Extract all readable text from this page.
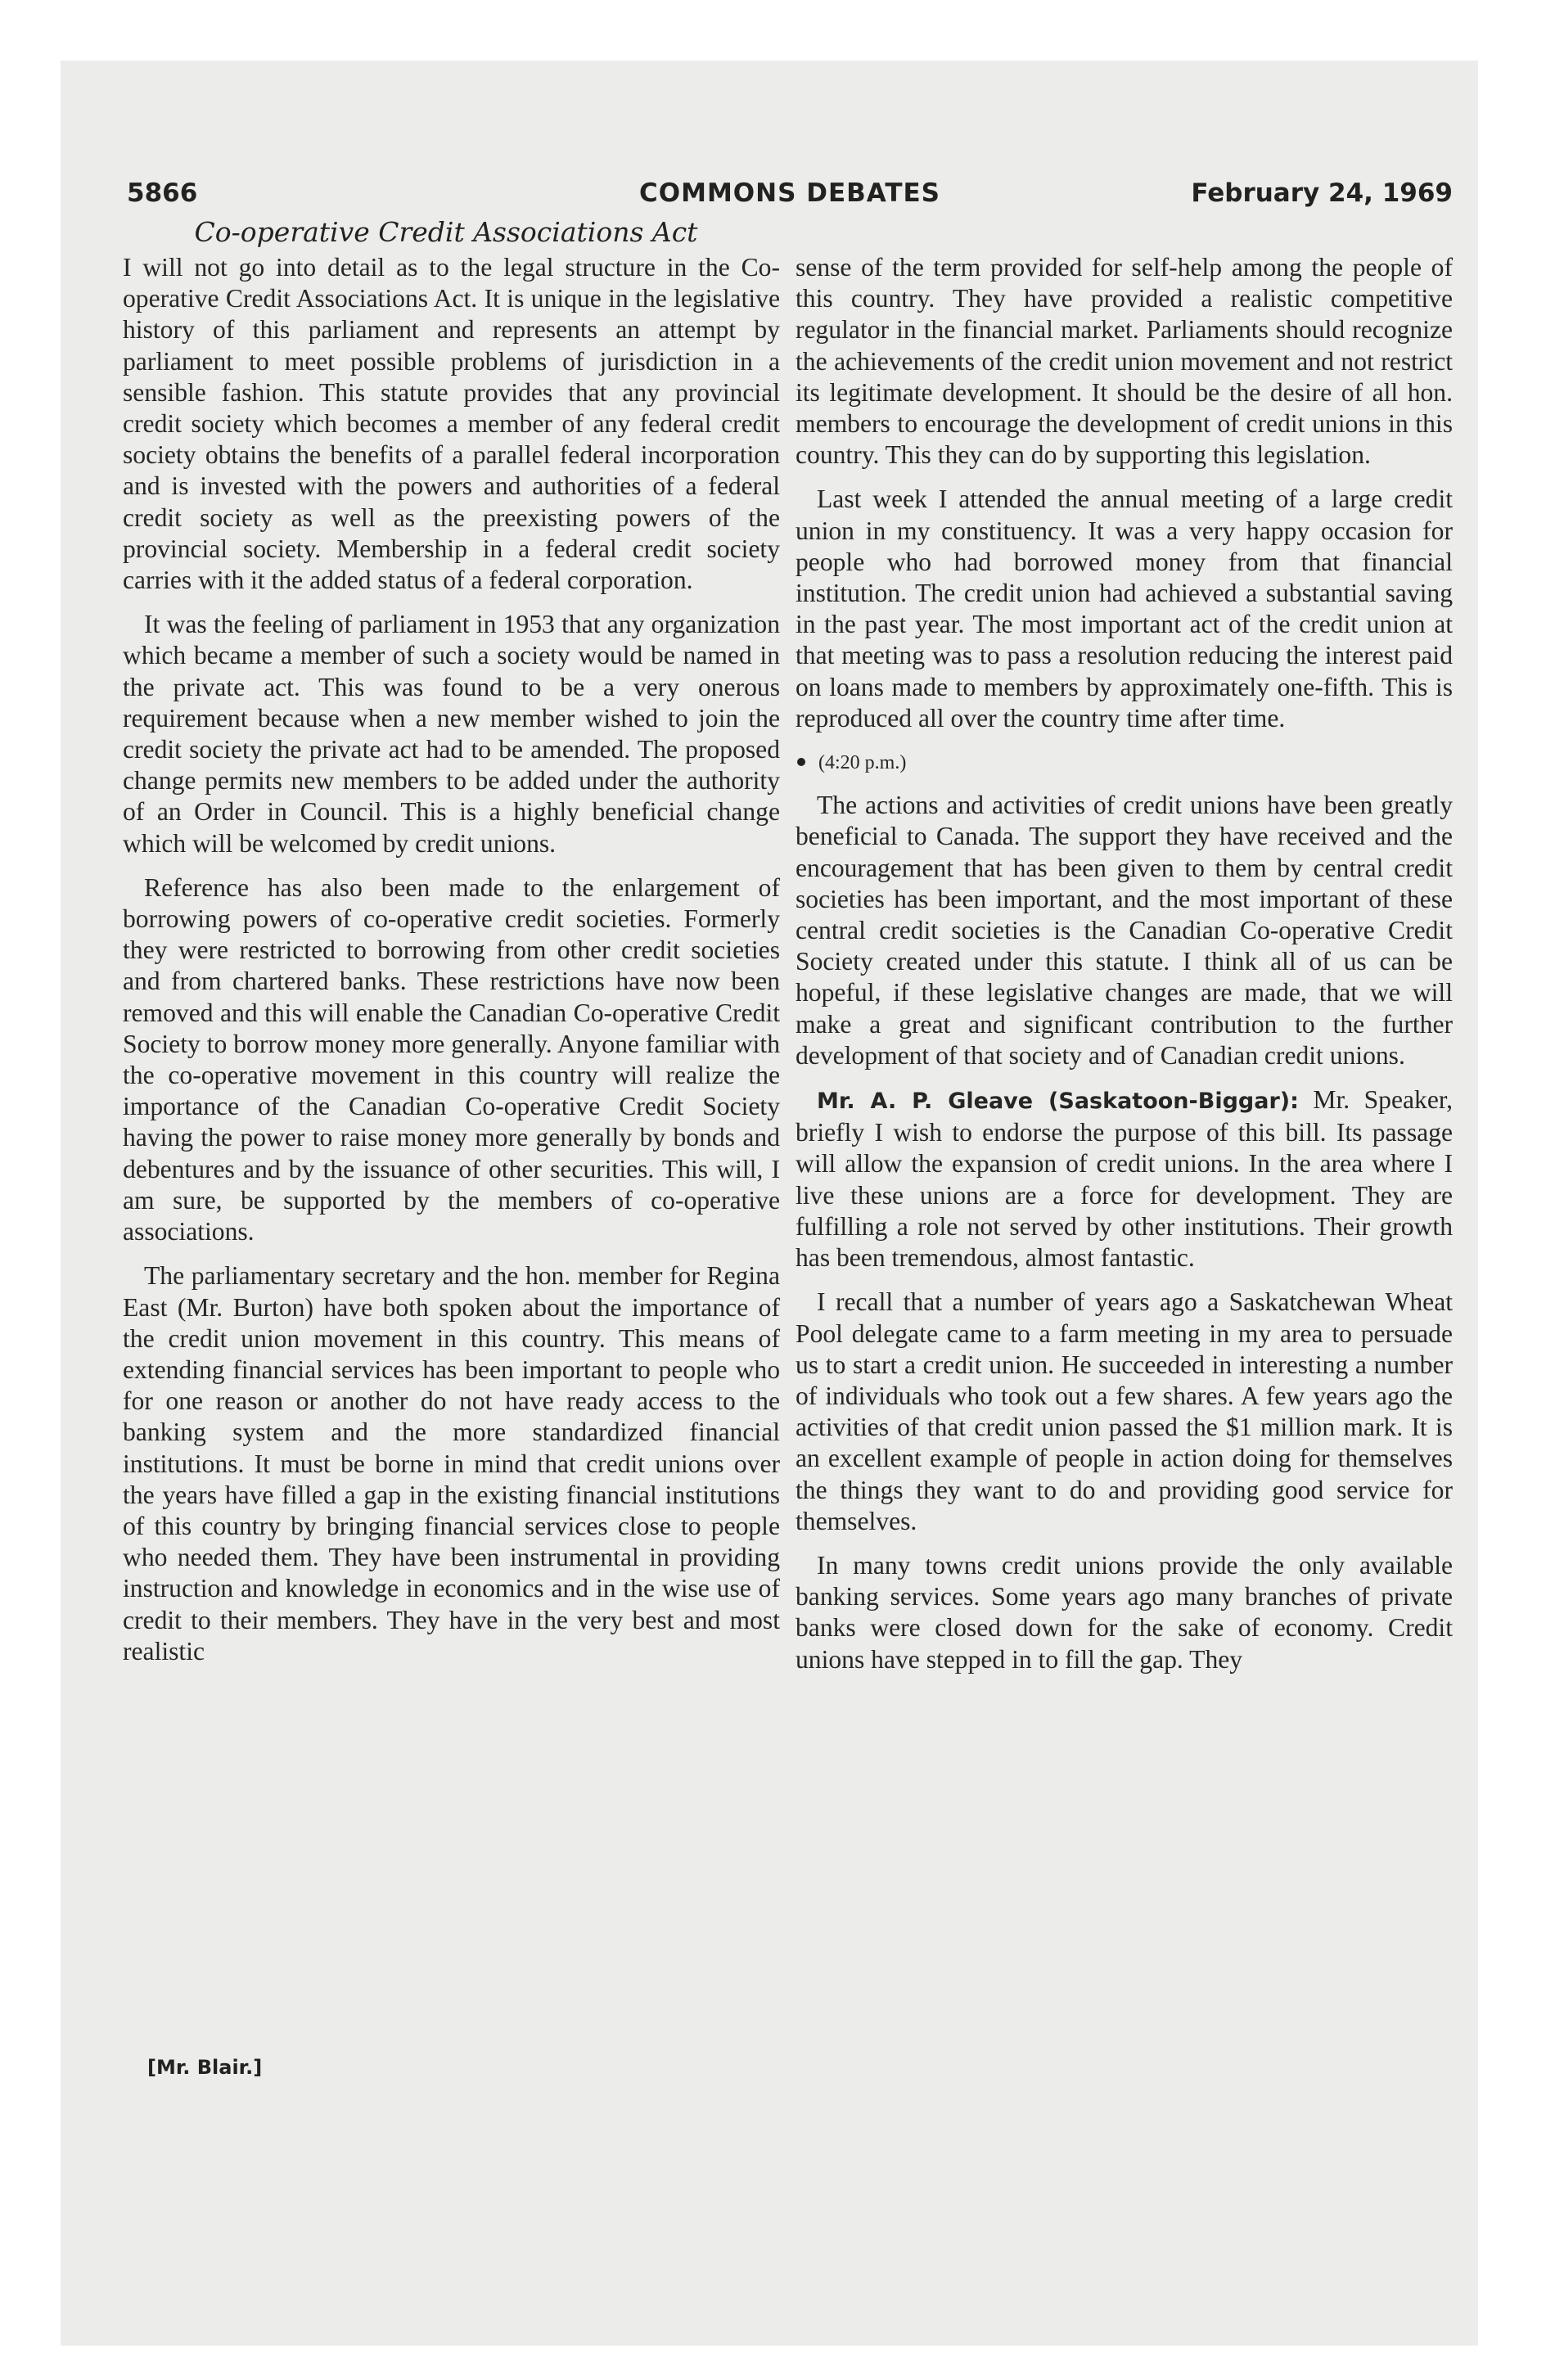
COMMONS DEBATES
5866	February 24, 1969
Co-operative Credit Associations Act

I will not go into detail as to the legal structure in the Co-operative Credit Associations Act. It is unique in the legislative history of this parliament and represents an attempt by parliament to meet possible problems of jurisdiction in a sensible fashion. This statute provides that any provincial credit society which becomes a member of any federal credit society obtains the benefits of a parallel federal incorporation and is invested with the powers and authorities of a federal credit society as well as the preexisting powers of the provincial society. Membership in a federal credit society carries with it the added status of a federal corporation.

It was the feeling of parliament in 1953 that any organization which became a member of such a society would be named in the private act. This was found to be a very onerous requirement because when a new member wished to join the credit society the private act had to be amended. The proposed change permits new members to be added under the authority of an Order in Council. This is a highly beneficial change which will be welcomed by credit unions.

Reference has also been made to the enlargement of borrowing powers of co-operative credit societies. Formerly they were restricted to borrowing from other credit societies and from chartered banks. These restrictions have now been removed and this will enable the Canadian Co-operative Credit Society to borrow money more generally. Anyone familiar with the co-operative movement in this country will realize the importance of the Canadian Co-operative Credit Society having the power to raise money more generally by bonds and debentures and by the issuance of other securities. This will, I am sure, be supported by the members of co-operative associations.

The parliamentary secretary and the hon. member for Regina East (Mr. Burton) have both spoken about the importance of the credit union movement in this country. This means of extending financial services has been important to people who for one reason or another do not have ready access to the banking system and the more standardized financial institutions. It must be borne in mind that credit unions over the years have filled a gap in the existing financial institutions of this country by bringing financial services close to people who needed them. They have been instrumental in providing instruction and knowledge in economics and in the wise use of credit to their members. They have in the very best and most realistic

sense of the term provided for self-help among the people of this country. They have provided a realistic competitive regulator in the financial market. Parliaments should recognize the achievements of the credit union movement and not restrict its legitimate development. It should be the desire of all hon. members to encourage the development of credit unions in this country. This they can do by supporting this legislation.

Last week I attended the annual meeting of a large credit union in my constituency. It was a very happy occasion for people who had borrowed money from that financial institution. The credit union had achieved a substantial saving in the past year. The most important act of the credit union at that meeting was to pass a resolution reducing the interest paid on loans made to members by approximately one-fifth. This is reproduced all over the country time after time.

(4:20 p.m.)

The actions and activities of credit unions have been greatly beneficial to Canada. The support they have received and the encouragement that has been given to them by central credit societies has been important, and the most important of these central credit societies is the Canadian Co-operative Credit Society created under this statute. I think all of us can be hopeful, if these legislative changes are made, that we will make a great and significant contribution to the further development of that society and of Canadian credit unions.

Mr. A. P. Gleave (Saskatoon-Biggar): Mr. Speaker, briefly I wish to endorse the purpose of this bill. Its passage will allow the expansion of credit unions. In the area where I live these unions are a force for development. They are fulfilling a role not served by other institutions. Their growth has been tremendous, almost fantastic.

I recall that a number of years ago a Saskatchewan Wheat Pool delegate came to a farm meeting in my area to persuade us to start a credit union. He succeeded in interesting a number of individuals who took out a few shares. A few years ago the activities of that credit union passed the $1 million mark. It is an excellent example of people in action doing for themselves the things they want to do and providing good service for themselves.

In many towns credit unions provide the only available banking services. Some years ago many branches of private banks were closed down for the sake of economy. Credit unions have stepped in to fill the gap. They

[Mr. Blair.]
